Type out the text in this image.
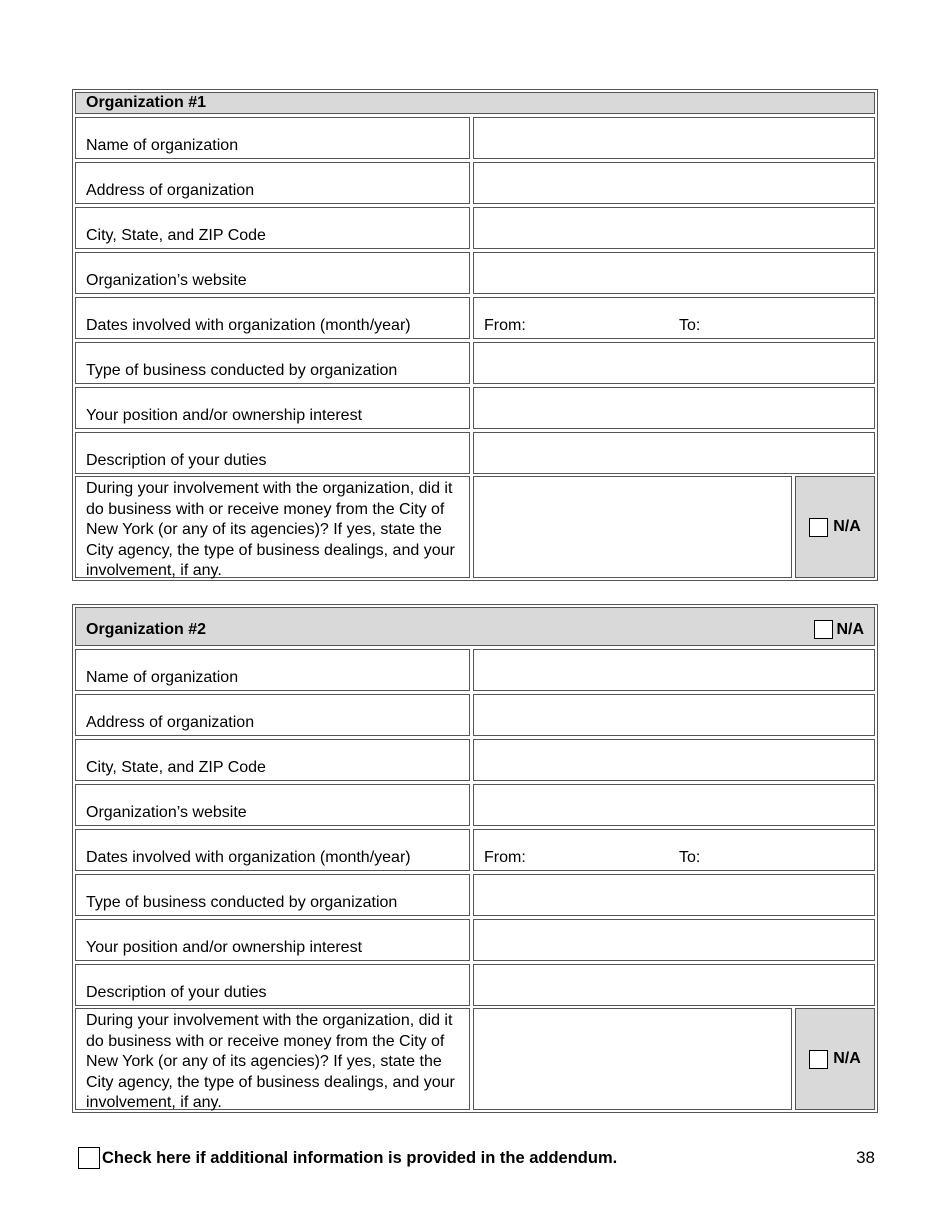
Organization #1
Name of organization
Address of organization
City, State, and ZIP Code
Organization’s website
Dates involved with organization (month/year)	From:	To:
Type of business conducted by organization
Your position and/or ownership interest
Description of your duties
During your involvement with the organization, did it do business with or receive money from the City of New York (or any of its agencies)? If yes, state the City agency, the type of business dealings, and your involvement, if any.
N/A
Organization #2	N/A
Name of organization
Address of organization
City, State, and ZIP Code
Organization’s website
Dates involved with organization (month/year)	From:	To:
Type of business conducted by organization
Your position and/or ownership interest
Description of your duties
During your involvement with the organization, did it do business with or receive money from the City of New York (or any of its agencies)? If yes, state the City agency, the type of business dealings, and your involvement, if any.
N/A
Check here if additional information is provided in the addendum.	38
